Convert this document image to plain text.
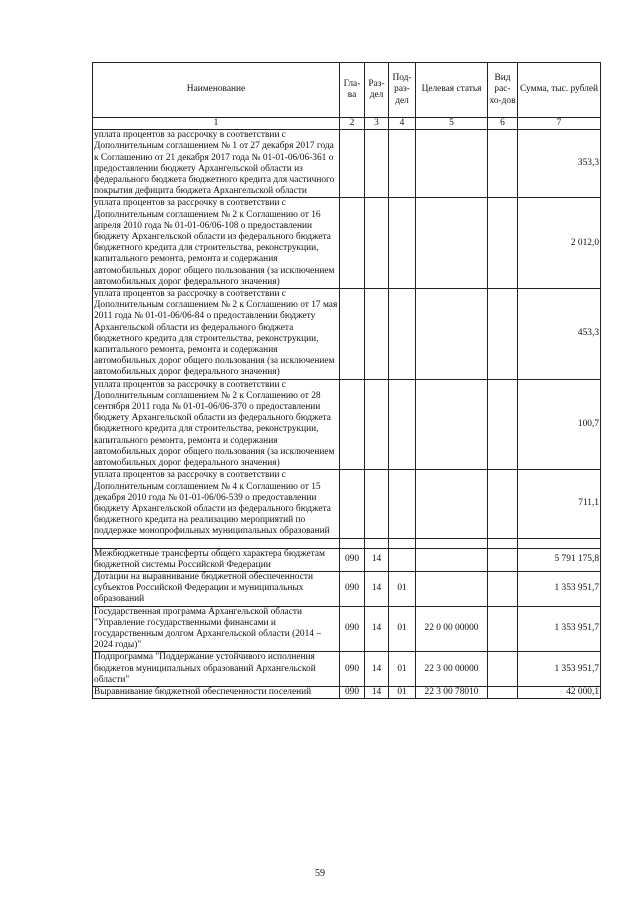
Наименование	Гла-ва	Раз-дел	Под-раз-дел	Целевая статья	Вид рас-хо-дов	Сумма, тыс. рублей
1	2	3	4	5	6	7
уплата процентов за рассрочку в соответствии с Дополнительным соглашением № 1 от 27 декабря 2017 года к Соглашению от 21 декабря 2017 года № 01-01-06/06-361 о предоставлении бюджету Архангельской области из федерального бюджета бюджетного кредита для частичного покрытия дефицита бюджета Архангельской области						353,3
уплата процентов за рассрочку в соответствии с Дополнительным соглашением № 2 к Соглашению от 16 апреля 2010 года № 01-01-06/06-108 о предоставлении бюджету Архангельской области из федерального бюджета бюджетного кредита для строительства, реконструкции, капитального ремонта, ремонта и содержания автомобильных дорог общего пользования (за исключением автомобильных дорог федерального значения)						2 012,0
уплата процентов за рассрочку в соответствии с Дополнительным соглашением № 2 к Соглашению от 17 мая 2011 года № 01-01-06/06-84 о предоставлении бюджету Архангельской области из федерального бюджета бюджетного кредита для строительства, реконструкции, капитального ремонта, ремонта и содержания автомобильных дорог общего пользования (за исключением автомобильных дорог федерального значения)						453,3
уплата процентов за рассрочку в соответствии с Дополнительным соглашением № 2 к Соглашению от 28 сентября 2011 года № 01-01-06/06-370 о предоставлении бюджету Архангельской области из федерального бюджета бюджетного кредита для строительства, реконструкции, капитального ремонта, ремонта и содержания автомобильных дорог общего пользования (за исключением автомобильных дорог федерального значения)						100,7
уплата процентов за рассрочку в соответствии с Дополнительным соглашением № 4 к Соглашению от 15 декабря 2010 года № 01-01-06/06-539 о предоставлении бюджету Архангельской области из федерального бюджета бюджетного кредита на реализацию мероприятий по поддержке монопрофильных муниципальных образований						711,1

Межбюджетные трансферты общего характера бюджетам бюджетной системы Российской Федерации	090	14				5 791 175,8
Дотации на выравнивание бюджетной обеспеченности субъектов Российской Федерации и муниципальных образований	090	14	01			1 353 951,7
Государственная программа Архангельской области "Управление государственными финансами и государственным долгом Архангельской области (2014 – 2024 годы)"	090	14	01	22 0 00 00000		1 353 951,7
Подпрограмма "Поддержание устойчивого исполнения бюджетов муниципальных образований Архангельской области"	090	14	01	22 3 00 00000		1 353 951,7
Выравнивание бюджетной обеспеченности поселений	090	14	01	22 3 00 78010		42 000,1
59
